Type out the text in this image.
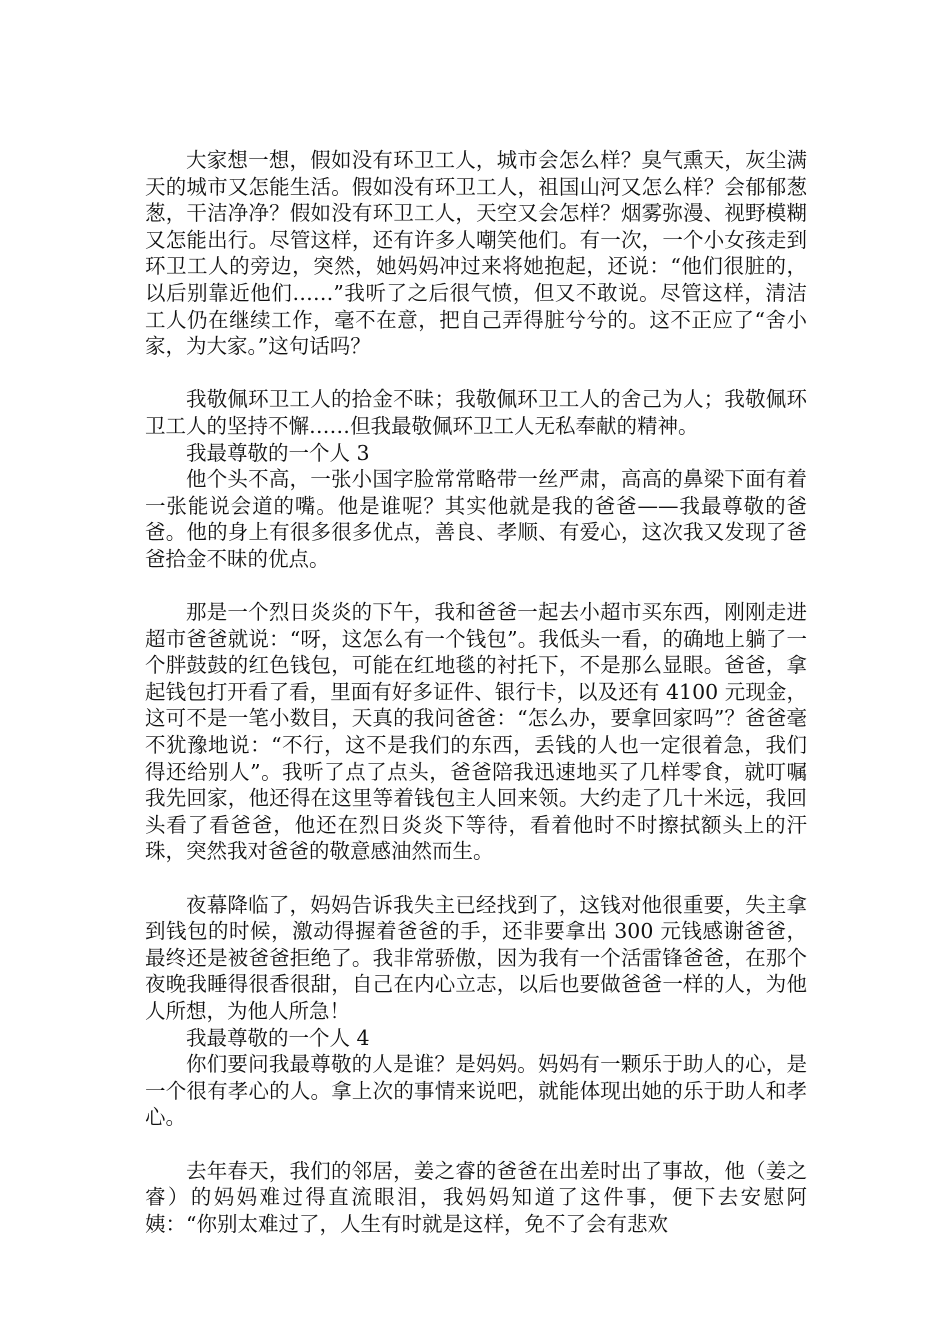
大家想一想，假如没有环卫工人，城市会怎么样？臭气熏天，灰尘满天的城市又怎能生活。假如没有环卫工人，祖国山河又怎么样？会郁郁葱葱，干洁净净？假如没有环卫工人，天空又会怎样？烟雾弥漫、视野模糊又怎能出行。尽管这样，还有许多人嘲笑他们。有一次，一个小女孩走到环卫工人的旁边，突然，她妈妈冲过来将她抱起，还说：“他们很脏的，以后别靠近他们……”我听了之后很气愤，但又不敢说。尽管这样，清洁工人仍在继续工作，毫不在意，把自己弄得脏兮兮的。这不正应了“舍小家，为大家。”这句话吗？

我敬佩环卫工人的拾金不昧；我敬佩环卫工人的舍己为人；我敬佩环卫工人的坚持不懈……但我最敬佩环卫工人无私奉献的精神。

我最尊敬的一个人 3

他个头不高，一张小国字脸常常略带一丝严肃，高高的鼻梁下面有着一张能说会道的嘴。他是谁呢？其实他就是我的爸爸——我最尊敬的爸爸。他的身上有很多很多优点，善良、孝顺、有爱心，这次我又发现了爸爸拾金不昧的优点。

那是一个烈日炎炎的下午，我和爸爸一起去小超市买东西，刚刚走进超市爸爸就说：“呀，这怎么有一个钱包”。我低头一看，的确地上躺了一个胖鼓鼓的红色钱包，可能在红地毯的衬托下，不是那么显眼。爸爸，拿起钱包打开看了看，里面有好多证件、银行卡，以及还有 4100 元现金，这可不是一笔小数目，天真的我问爸爸：“怎么办，要拿回家吗”？爸爸毫不犹豫地说：“不行，这不是我们的东西，丢钱的人也一定很着急，我们得还给别人”。我听了点了点头，爸爸陪我迅速地买了几样零食，就叮嘱我先回家，他还得在这里等着钱包主人回来领。大约走了几十米远，我回头看了看爸爸，他还在烈日炎炎下等待，看着他时不时擦拭额头上的汗珠，突然我对爸爸的敬意感油然而生。

夜幕降临了，妈妈告诉我失主已经找到了，这钱对他很重要，失主拿到钱包的时候，激动得握着爸爸的手，还非要拿出 300 元钱感谢爸爸，最终还是被爸爸拒绝了。我非常骄傲，因为我有一个活雷锋爸爸，在那个夜晚我睡得很香很甜，自己在内心立志，以后也要做爸爸一样的人，为他人所想，为他人所急！

我最尊敬的一个人 4

你们要问我最尊敬的人是谁？是妈妈。妈妈有一颗乐于助人的心，是一个很有孝心的人。拿上次的事情来说吧，就能体现出她的乐于助人和孝心。

去年春天，我们的邻居，姜之睿的爸爸在出差时出了事故，他（姜之睿）的妈妈难过得直流眼泪，我妈妈知道了这件事，便下去安慰阿姨：“你别太难过了，人生有时就是这样，免不了会有悲欢
